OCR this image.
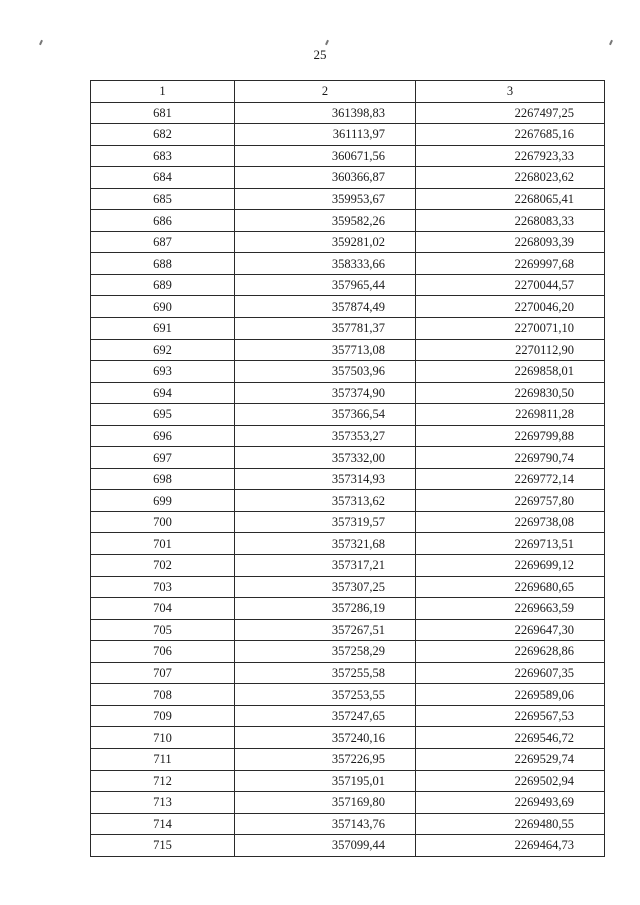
25
1	2	3
681	361398,83	2267497,25
682	361113,97	2267685,16
683	360671,56	2267923,33
684	360366,87	2268023,62
685	359953,67	2268065,41
686	359582,26	2268083,33
687	359281,02	2268093,39
688	358333,66	2269997,68
689	357965,44	2270044,57
690	357874,49	2270046,20
691	357781,37	2270071,10
692	357713,08	2270112,90
693	357503,96	2269858,01
694	357374,90	2269830,50
695	357366,54	2269811,28
696	357353,27	2269799,88
697	357332,00	2269790,74
698	357314,93	2269772,14
699	357313,62	2269757,80
700	357319,57	2269738,08
701	357321,68	2269713,51
702	357317,21	2269699,12
703	357307,25	2269680,65
704	357286,19	2269663,59
705	357267,51	2269647,30
706	357258,29	2269628,86
707	357255,58	2269607,35
708	357253,55	2269589,06
709	357247,65	2269567,53
710	357240,16	2269546,72
711	357226,95	2269529,74
712	357195,01	2269502,94
713	357169,80	2269493,69
714	357143,76	2269480,55
715	357099,44	2269464,73
